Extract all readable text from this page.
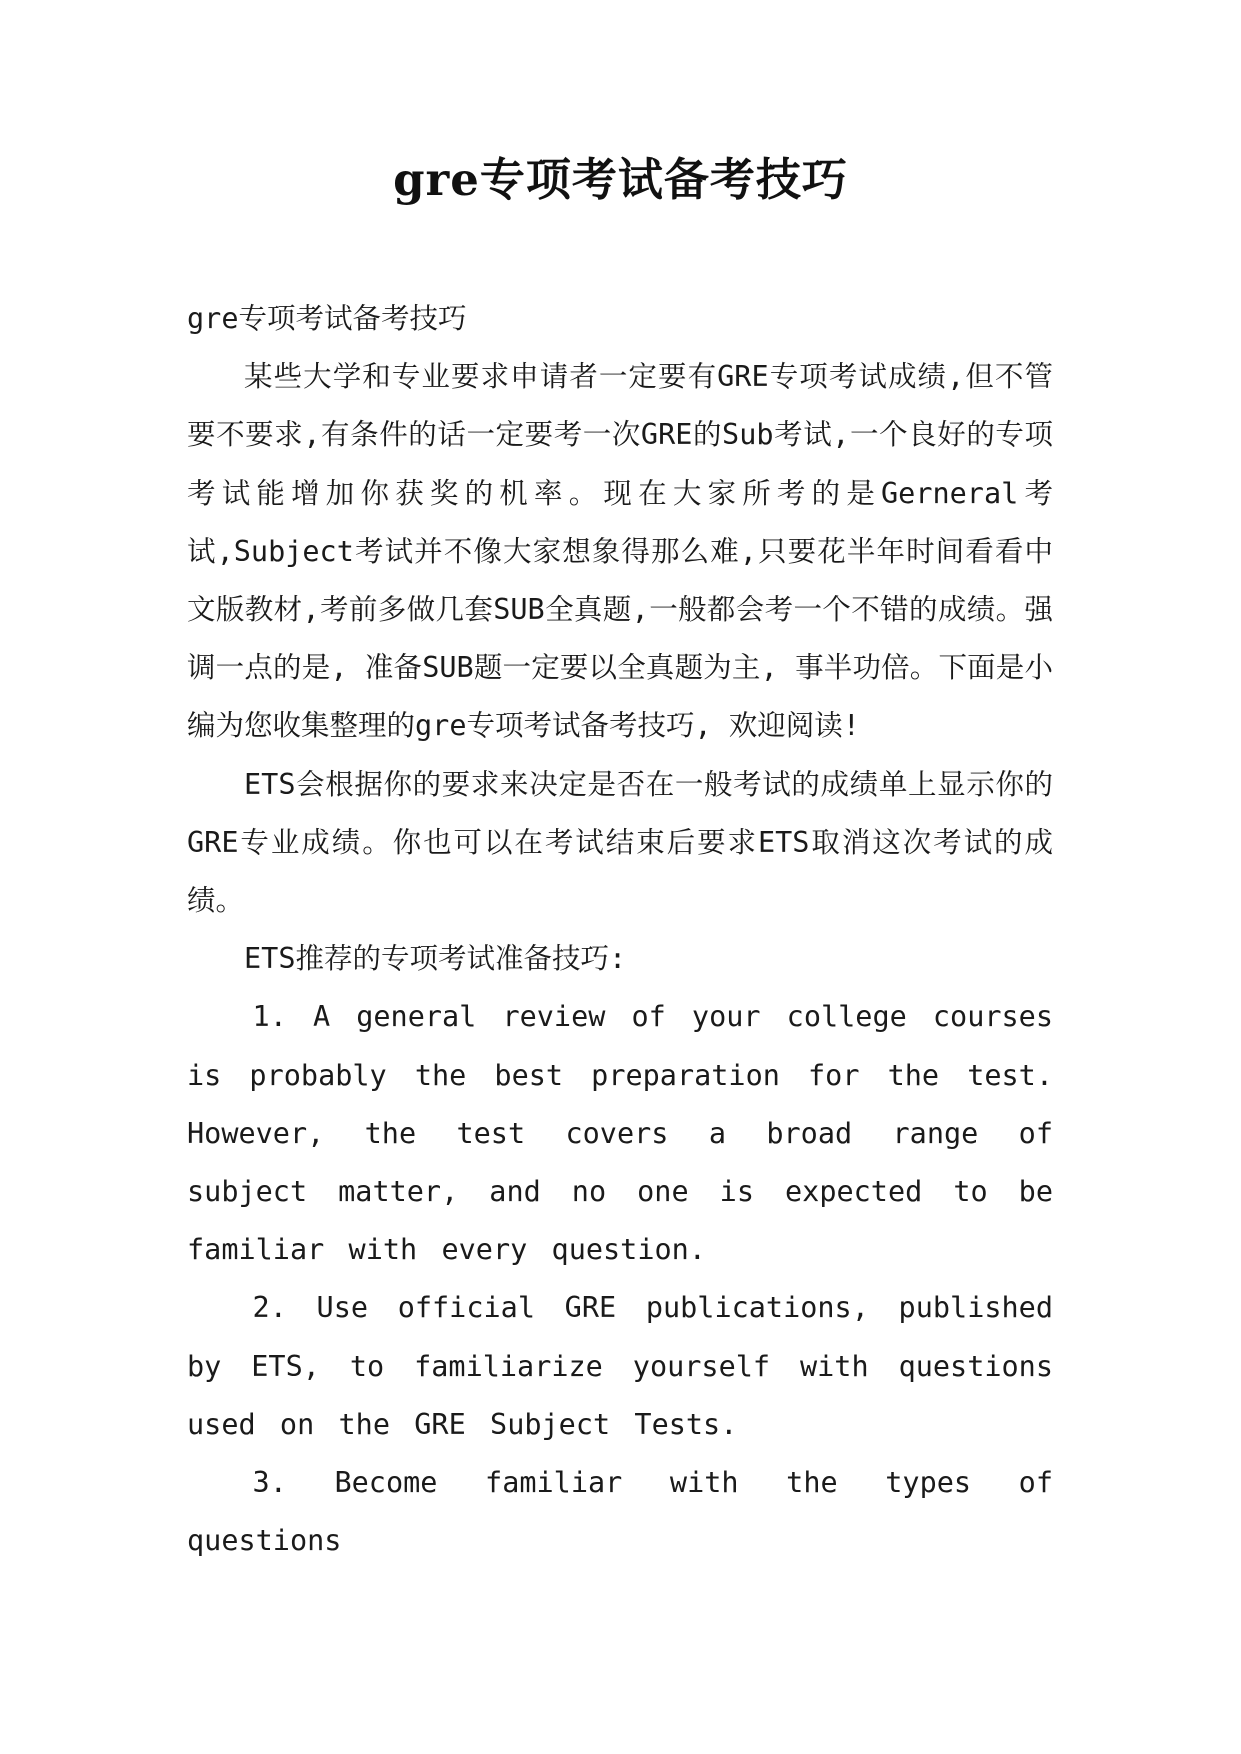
gre专项考试备考技巧

gre专项考试备考技巧

某些大学和专业要求申请者一定要有GRE专项考试成绩,但不管要不要求,有条件的话一定要考一次GRE的Sub考试,一个良好的专项考试能增加你获奖的机率。现在大家所考的是Gerneral考试,Subject考试并不像大家想象得那么难,只要花半年时间看看中文版教材,考前多做几套SUB全真题,一般都会考一个不错的成绩。强调一点的是, 准备SUB题一定要以全真题为主, 事半功倍。下面是小编为您收集整理的gre专项考试备考技巧, 欢迎阅读!

ETS会根据你的要求来决定是否在一般考试的成绩单上显示你的GRE专业成绩。你也可以在考试结束后要求ETS取消这次考试的成绩。

ETS推荐的专项考试准备技巧:

1. A general review of your college courses is probably the best preparation for the test. However, the test covers a broad range of subject matter, and no one is expected to be familiar with every question.

2. Use official GRE publications, published by ETS, to familiarize yourself with questions used on the GRE Subject Tests.

3. Become familiar with the types of questions
